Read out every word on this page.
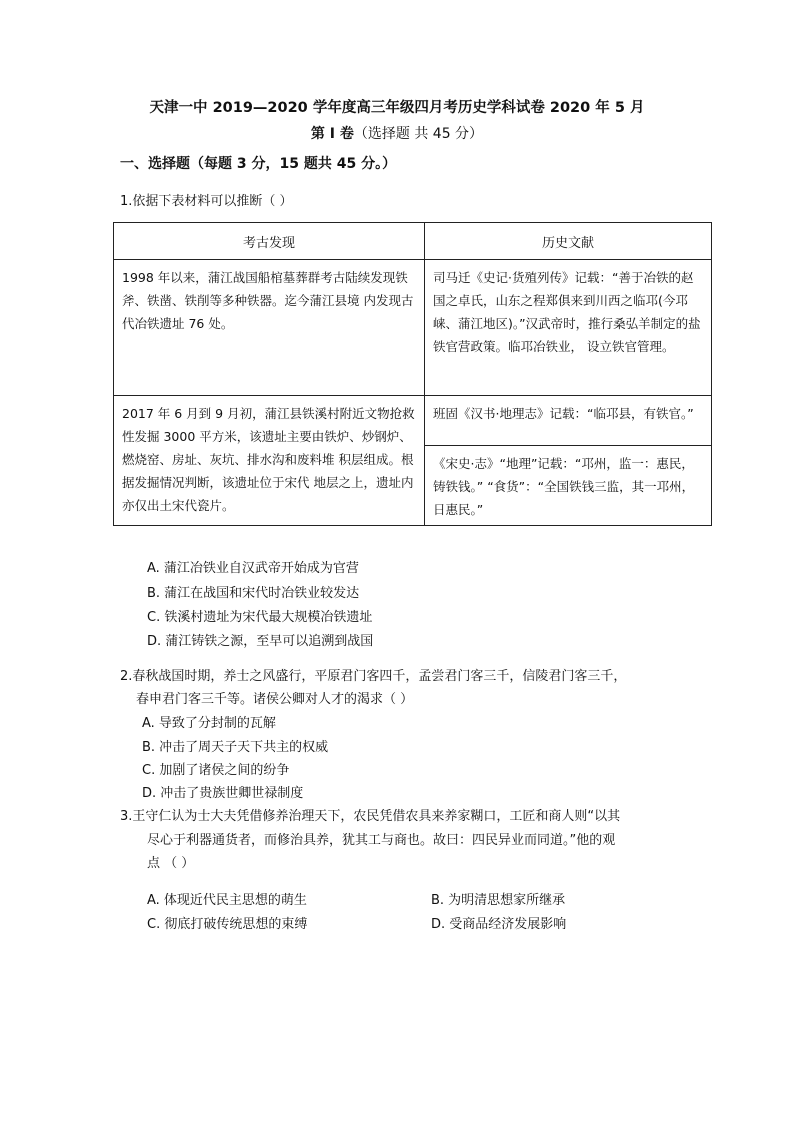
天津一中 2019—2020 学年度高三年级四月考历史学科试卷 2020 年 5 月
第 Ⅰ 卷（选择题 共 45 分）
一、选择题（每题 3 分，15 题共 45 分。）
1.依据下表材料可以推断（ ）
考古发现	历史文献

1998 年以来，蒲江战国船棺墓葬群考古陆续发现铁斧、铁凿、铁削等多种铁器。迄今蒲江县境 内发现古代冶铁遗址 76 处。	司马迁《史记·货殖列传》记载：“善于冶铁的赵国之卓氏，山东之程郑俱来到川西之临邛(今邛崃、蒲江地区)。”汉武帝时，推行桑弘羊制定的盐铁官营政策。临邛冶铁业， 设立铁官管理。

2017 年 6 月到 9 月初，蒲江县铁溪村附近文物抢救性发掘 3000 平方米，该遗址主要由铁炉、炒钢炉、燃烧窑、房址、灰坑、排水沟和废料堆 积层组成。根据发掘情况判断，该遗址位于宋代 地层之上，遗址内亦仅出土宋代瓷片。	班固《汉书·地理志》记载：“临邛县，有铁官。”

	《宋史·志》“地理”记载：“邛州，监一：惠民，铸铁钱。” “食货”：“全国铁钱三监，其一邛州，日惠民。”
A. 蒲江冶铁业自汉武帝开始成为官营
B. 蒲江在战国和宋代时冶铁业较发达
C. 铁溪村遗址为宋代最大规模冶铁遗址
D. 蒲江铸铁之源，至早可以追溯到战国
2.春秋战国时期，养士之风盛行，平原君门客四千，孟尝君门客三千，信陵君门客三千，
春申君门客三千等。诸侯公卿对人才的渴求（ ）
A. 导致了分封制的瓦解
B. 冲击了周天子天下共主的权威
C. 加剧了诸侯之间的纷争
D. 冲击了贵族世卿世禄制度
3.王守仁认为士大夫凭借修养治理天下，农民凭借农具来养家糊口，工匠和商人则“以其
尽心于利器通货者，而修治具养，犹其工与商也。故曰：四民异业而同道。”他的观
点 （ ）
A. 体现近代民主思想的萌生	B. 为明清思想家所继承
C. 彻底打破传统思想的束缚	D. 受商品经济发展影响
